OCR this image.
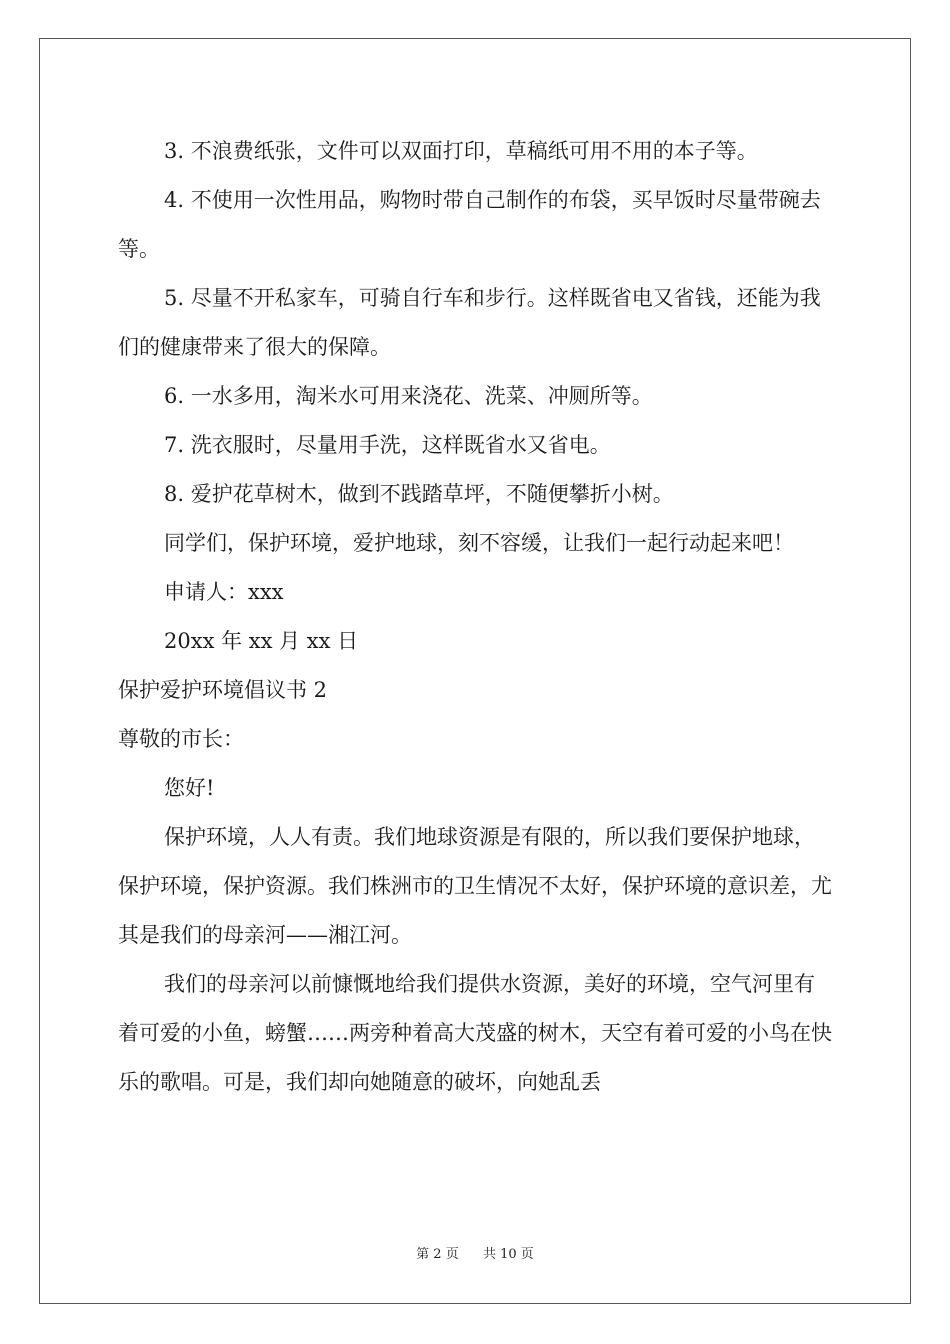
3. 不浪费纸张，文件可以双面打印，草稿纸可用不用的本子等。

4. 不使用一次性用品，购物时带自己制作的布袋，买早饭时尽量带碗去等。

5. 尽量不开私家车，可骑自行车和步行。这样既省电又省钱，还能为我们的健康带来了很大的保障。

6. 一水多用，淘米水可用来浇花、洗菜、冲厕所等。

7. 洗衣服时，尽量用手洗，这样既省水又省电。

8. 爱护花草树木，做到不践踏草坪，不随便攀折小树。

同学们，保护环境，爱护地球，刻不容缓，让我们一起行动起来吧！

申请人：xxx

20xx 年 xx 月 xx 日

保护爱护环境倡议书 2

尊敬的市长：

您好!

保护环境，人人有责。我们地球资源是有限的，所以我们要保护地球，保护环境，保护资源。我们株洲市的卫生情况不太好，保护环境的意识差，尤其是我们的母亲河——湘江河。

我们的母亲河以前慷慨地给我们提供水资源，美好的环境，空气河里有着可爱的小鱼，螃蟹……两旁种着高大茂盛的树木，天空有着可爱的小鸟在快乐的歌唱。可是，我们却向她随意的破坏，向她乱丢

第 2 页 共 10 页
